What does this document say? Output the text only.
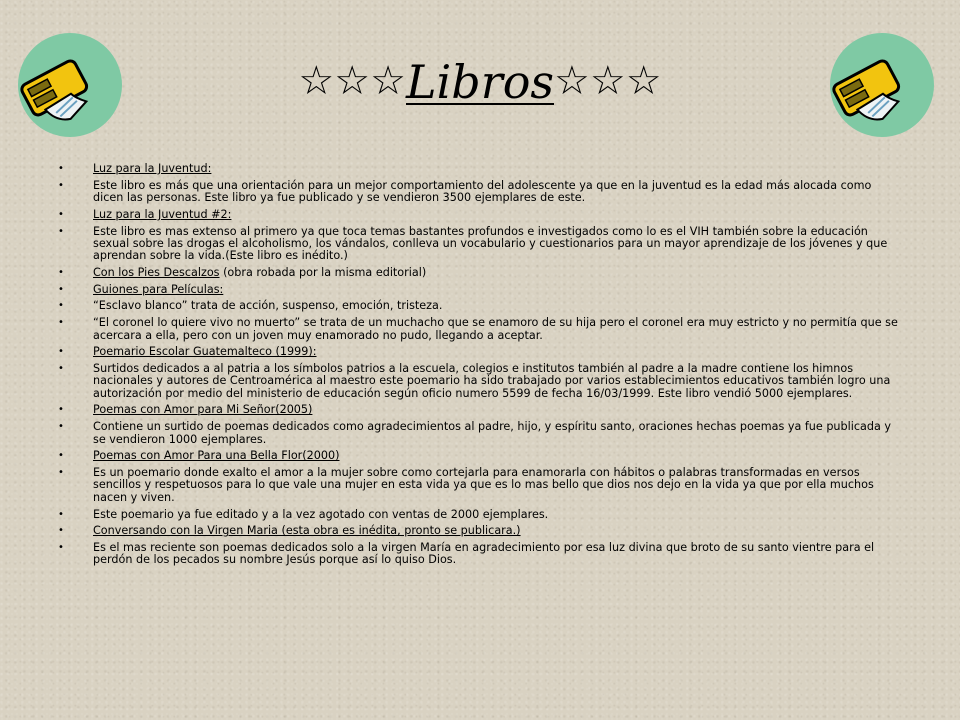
☆☆☆Libros☆☆☆
• Luz para la Juventud:
• Este libro es más que una orientación para un mejor comportamiento del adolescente ya que en la juventud es la edad más alocada como dicen las personas. Este libro ya fue publicado y se vendieron 3500 ejemplares de este.
• Luz para la Juventud #2:
• Este libro es mas extenso al primero ya que toca temas bastantes profundos e investigados como lo es el VIH también sobre la educación sexual sobre las drogas el alcoholismo, los vándalos, conlleva un vocabulario y cuestionarios para un mayor aprendizaje de los jóvenes y que aprendan sobre la vida.(Este libro es inédito.)
• Con los Pies Descalzos (obra robada por la misma editorial)
• Guiones para Películas:
• “Esclavo blanco” trata de acción, suspenso, emoción, tristeza.
• “El coronel lo quiere vivo no muerto” se trata de un muchacho que se enamoro de su hija pero el coronel era muy estricto y no permitía que se acercara a ella, pero con un joven muy enamorado no pudo, llegando a aceptar.
• Poemario Escolar Guatemalteco (1999):
• Surtidos dedicados a al patria a los símbolos patrios a la escuela, colegios e institutos también al padre a la madre contiene los himnos nacionales y autores de Centroamérica al maestro este poemario ha sido trabajado por varios establecimientos educativos también logro una autorización por medio del ministerio de educación según oficio numero 5599 de fecha 16/03/1999. Este libro vendió 5000 ejemplares.
• Poemas con Amor para Mi Señor(2005)
• Contiene un surtido de poemas dedicados como agradecimientos al padre, hijo, y espíritu santo, oraciones hechas poemas ya fue publicada y se vendieron 1000 ejemplares.
• Poemas con Amor Para una Bella Flor(2000)
• Es un poemario donde exalto el amor a la mujer sobre como cortejarla para enamorarla con hábitos o palabras transformadas en versos sencillos y respetuosos para lo que vale una mujer en esta vida ya que es lo mas bello que dios nos dejo en la vida ya que por ella muchos nacen y viven.
• Este poemario ya fue editado y a la vez agotado con ventas de 2000 ejemplares.
• Conversando con la Virgen Maria (esta obra es inédita, pronto se publicara.)
• Es el mas reciente son poemas dedicados solo a la virgen María en agradecimiento por esa luz divina que broto de su santo vientre para el perdón de los pecados su nombre Jesús porque así lo quiso Dios.
